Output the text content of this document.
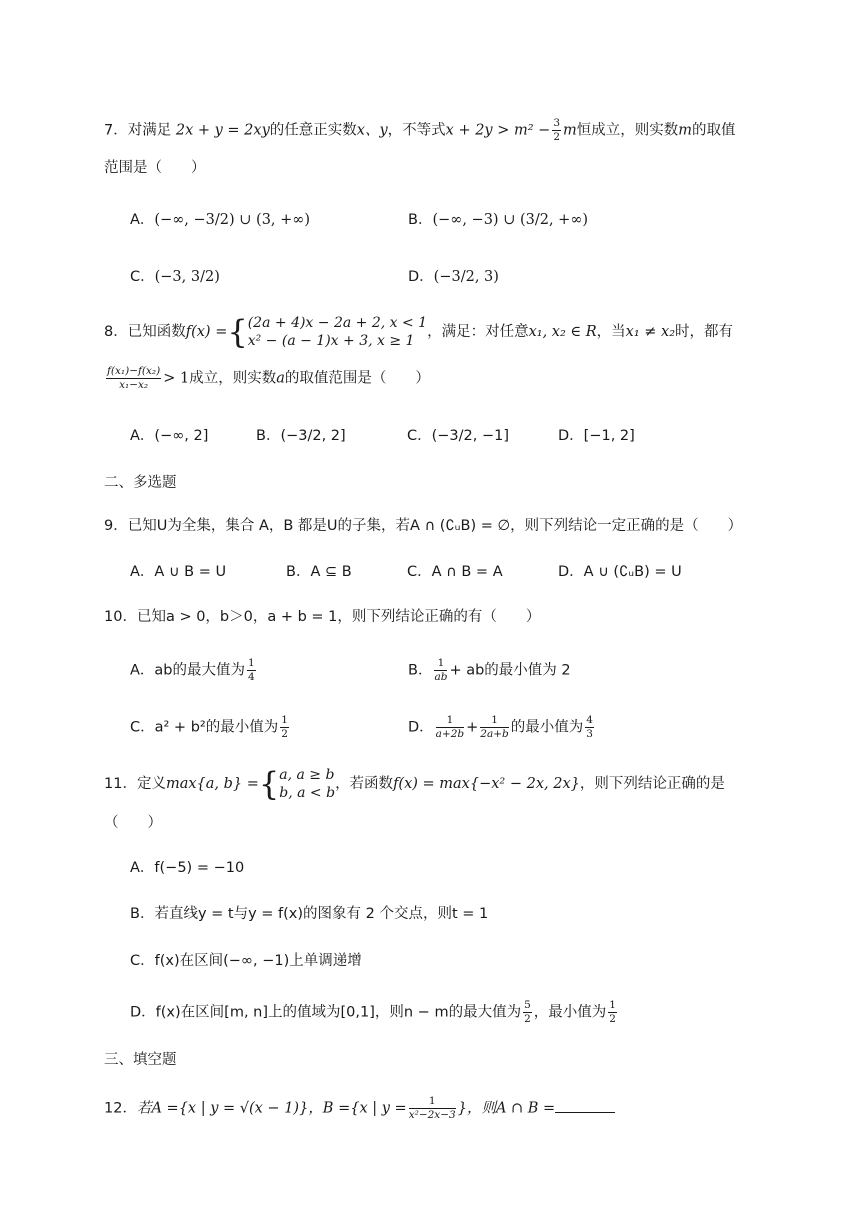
7．对满足 2x + y = 2xy的任意正实数x、y，不等式$x + 2y > m^2 - \frac{3}{2}$ m恒成立，则实数m的取值
范围是（　　）
A．(−∞, −3/2) ∪ (3, +∞)	B．(−∞, −3) ∪ (3/2, +∞)
C．(−3, 3/2)	D．(−3/2, 3)
8．已知函数f(x) ={ (2a + 4)x − 2a + 2, x < 1
x² − (a − 1)x + 3, x ≥ 1
，满足：对任意x₁, x₂ ∈ R，当x₁ ≠ x₂时，都有
$\frac{\text{f(x₁)−f(x₂)}}{\text{x₁−x₂}} > 1$成立，则实数a的取值范围是（　　）
A．(−∞, 2]	B．(−3/2, 2]	C．(−3/2, −1]	D．[−1, 2]
二、多选题
9．已知U为全集，集合 A，B 都是U的子集，若A ∩ (∁ᵤB) = ∅，则下列结论一定正确的是（　　）
A．A ∪ B = U	B．A ⊆ B	C．A ∩ B = A	D．A ∪ (∁ᵤB) = U
10．已知a > 0，b＞0，a + b = 1，则下列结论正确的有（　　）
A．ab的最大值为 $\frac{1}{4}$	B． $\frac{1}{ab}$ + ab的最小值为 2
C．a² + b²的最小值为 $\frac{1}{2}$	D． $\frac{1}{a+2b} + \frac{1}{2a+b}$ 的最小值为 $\frac{4}{3}$
11．定义max{a, b} ={ a, a ≥ b
b, a < b
，若函数f(x) = max{−x² − 2x, 2x}，则下列结论正确的是
（　　）
A．f(−5) = −10
B．若直线y = t与y = f(x)的图象有 2 个交点，则t = 1
C．f(x)在区间(−∞, −1)上单调递增
D．f(x)在区间[m, n]上的值域为[0,1]，则n − m的最大值为 $\frac{5}{2}$ ，最小值为 $\frac{1}{2}$
三、填空题
12．若A ={x | y = √(x − 1)}，B ={x | $y = \frac{1}{\text{x²−2x−3}}$ }，则A ∩ B =
